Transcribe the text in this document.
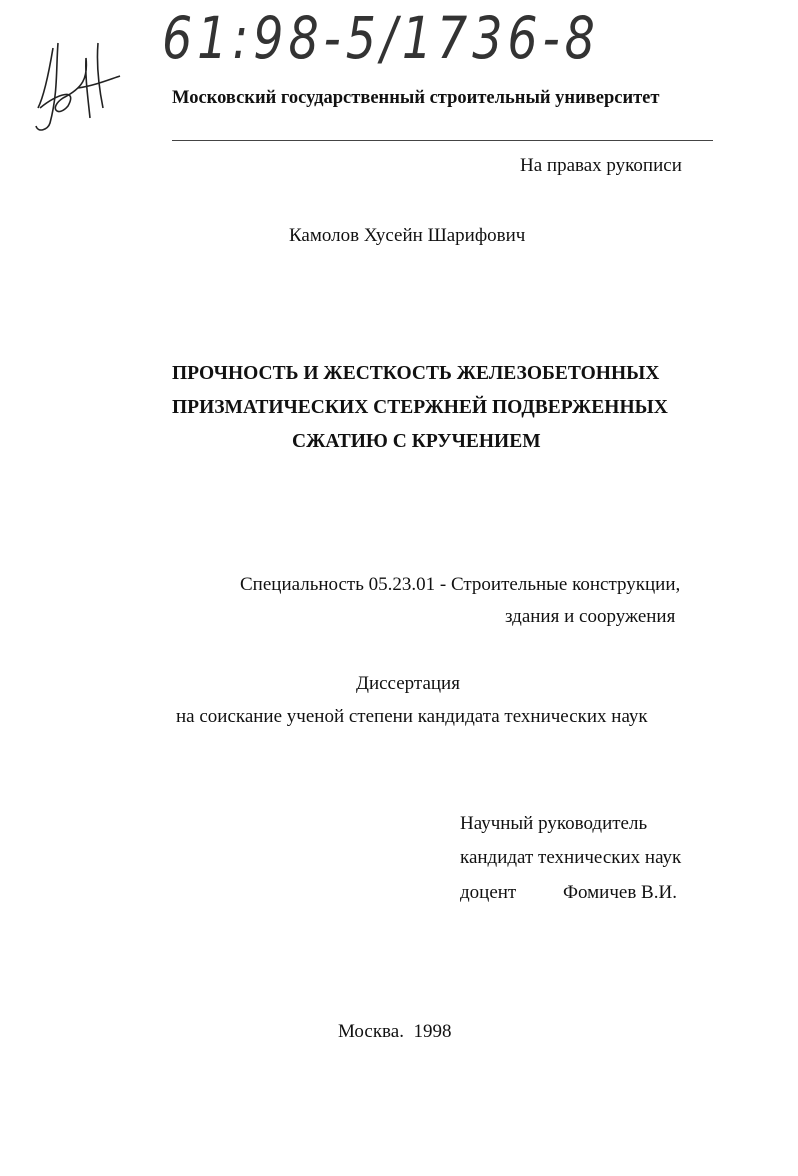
61:98-5/1736-8
Московский государственный строительный университет
На правах рукописи
Камолов Хусейн Шарифович
ПРОЧНОСТЬ И ЖЕСТКОСТЬ ЖЕЛЕЗОБЕТОННЫХ
ПРИЗМАТИЧЕСКИХ СТЕРЖНЕЙ ПОДВЕРЖЕННЫХ
СЖАТИЮ С КРУЧЕНИЕМ
Специальность 05.23.01 - Строительные конструкции,
здания и сооружения
Диссертация
на соискание ученой степени кандидата технических наук
Научный руководитель
кандидат технических наук
доцент Фомичев В.И.
Москва.  1998
